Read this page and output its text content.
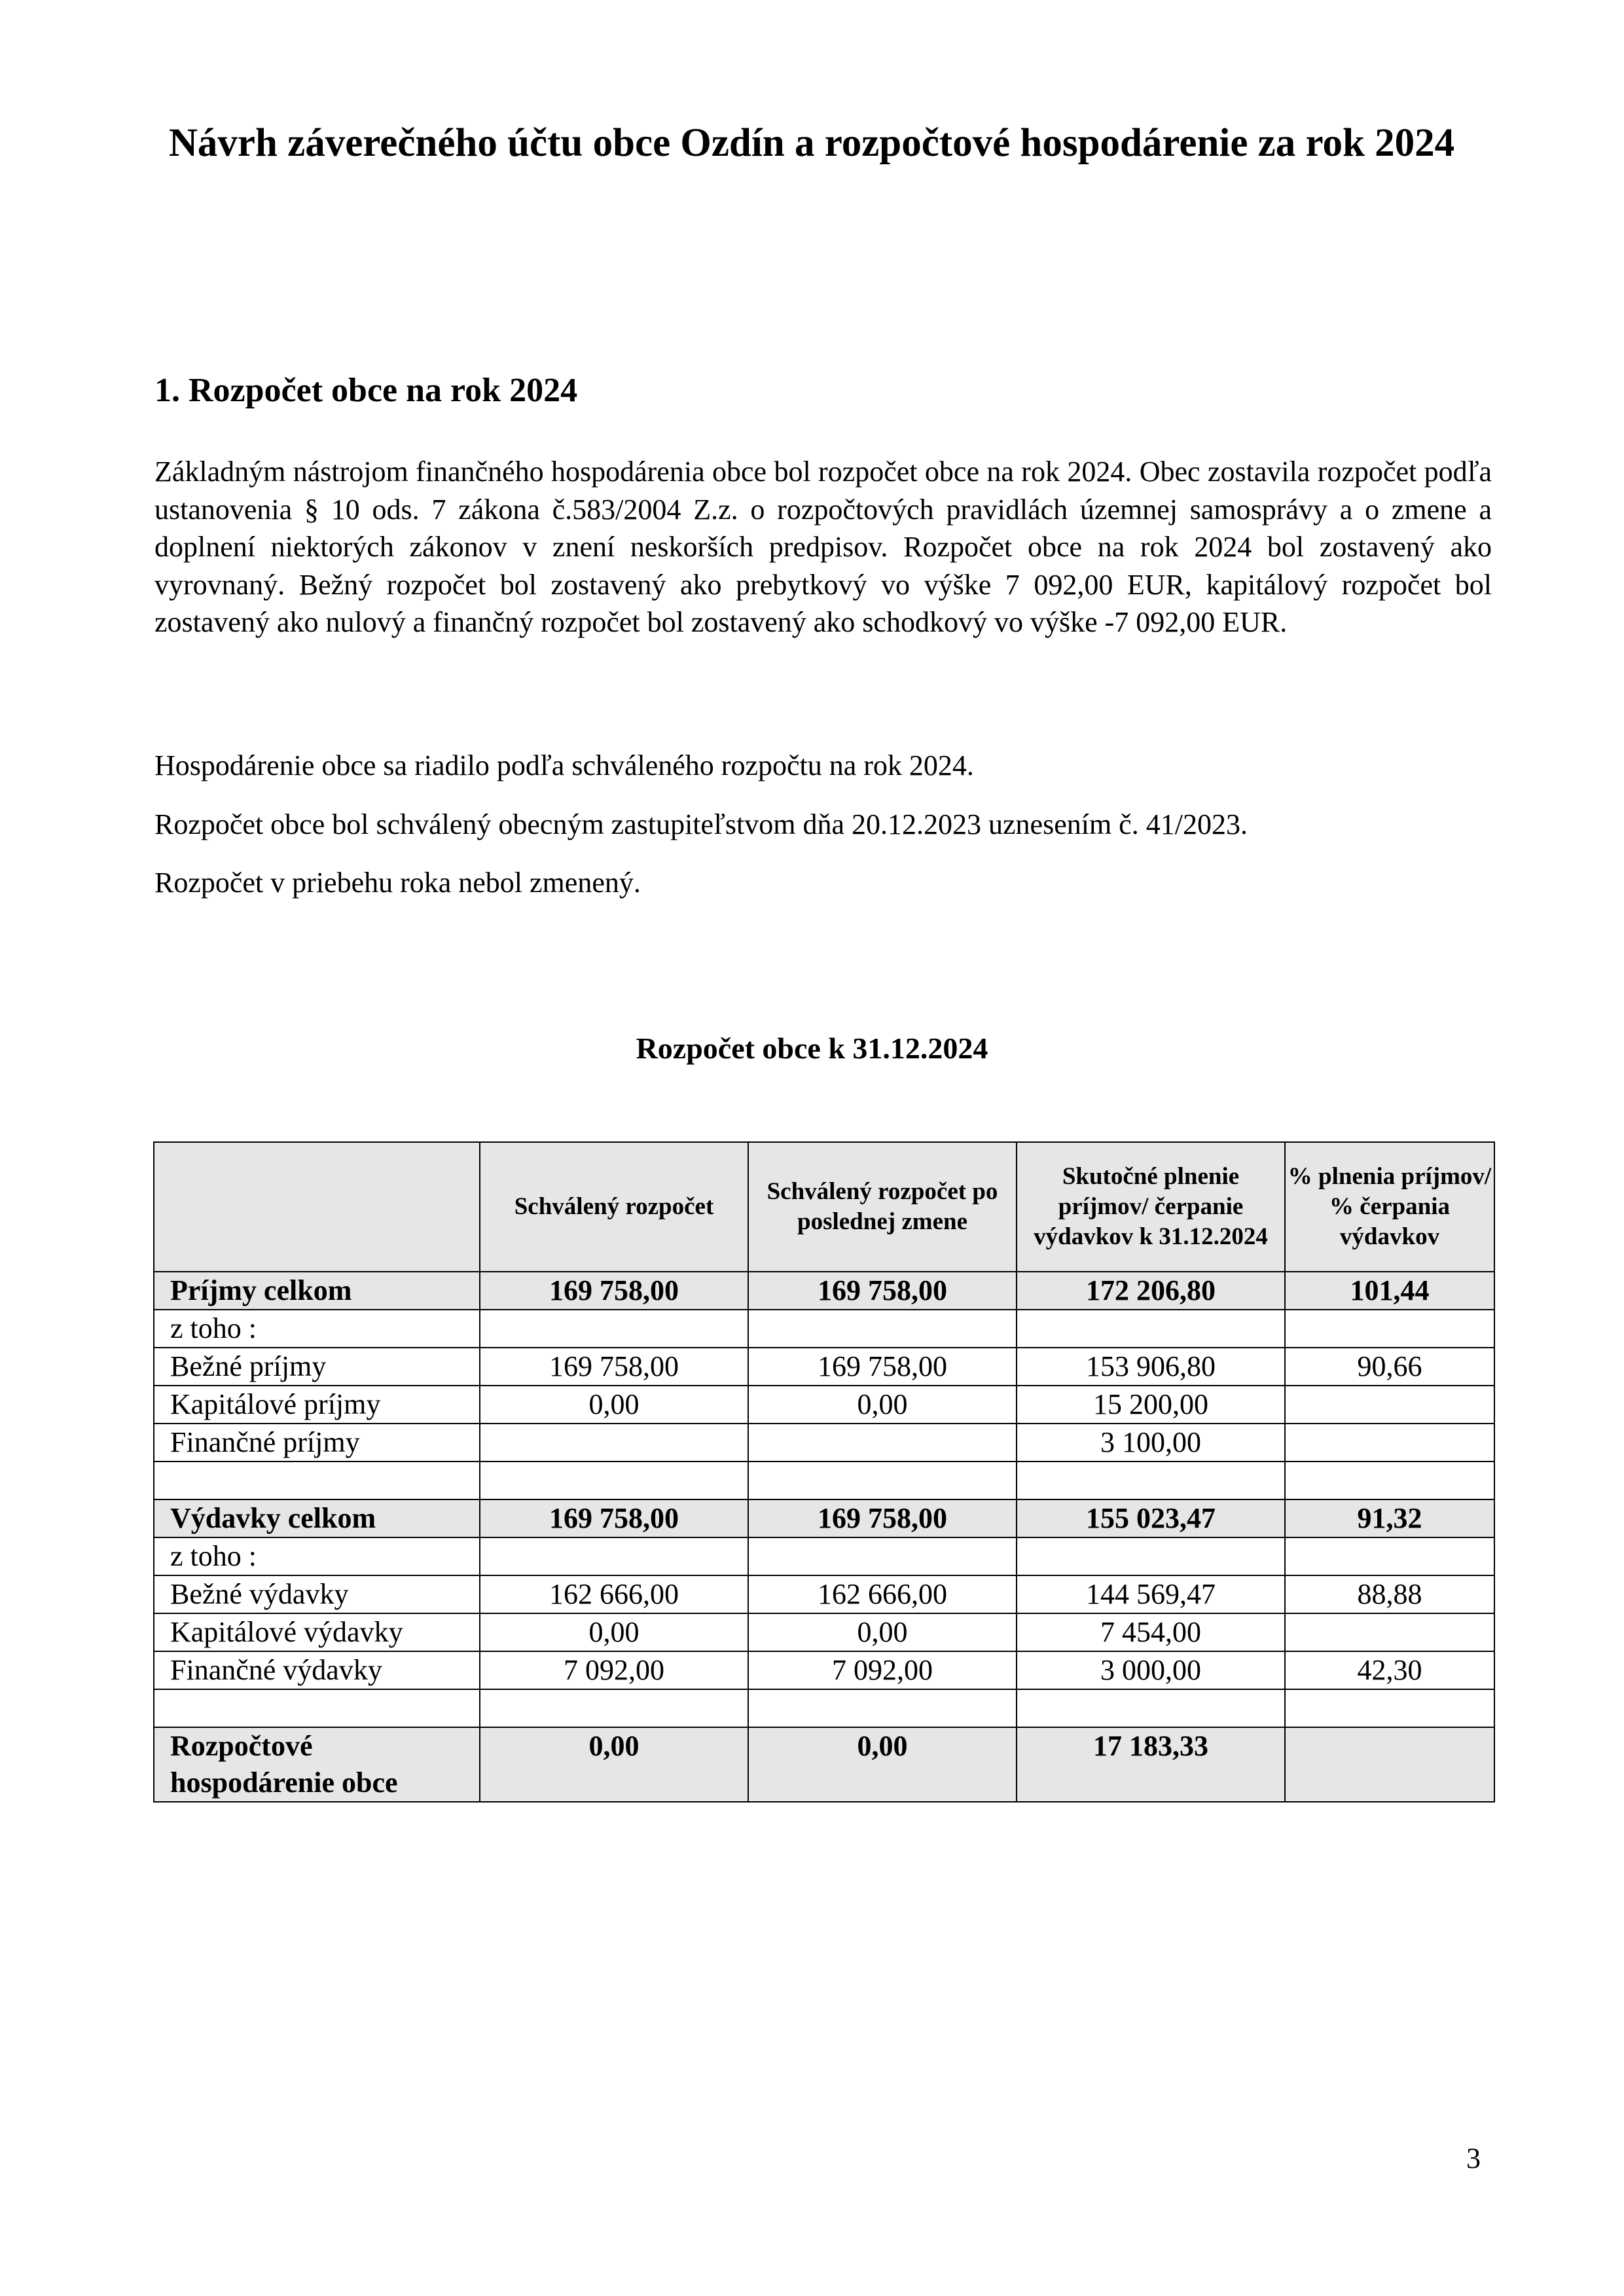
Návrh záverečného účtu obce Ozdín a rozpočtové hospodárenie za rok 2024
1. Rozpočet obce na rok 2024

Základným nástrojom finančného hospodárenia obce bol rozpočet obce na rok 2024. Obec zostavila rozpočet podľa ustanovenia § 10 ods. 7 zákona č.583/2004 Z.z. o rozpočtových pravidlách územnej samosprávy a o zmene a doplnení niektorých zákonov v znení neskorších predpisov. Rozpočet obce na rok 2024 bol zostavený ako vyrovnaný. Bežný rozpočet bol zostavený ako prebytkový vo výške 7 092,00 EUR, kapitálový rozpočet bol zostavený ako nulový a finančný rozpočet bol zostavený ako schodkový vo výške -7 092,00 EUR.

Hospodárenie obce sa riadilo podľa schváleného rozpočtu na rok 2024.

Rozpočet obce bol schválený obecným zastupiteľstvom dňa 20.12.2023 uznesením č. 41/2023.

Rozpočet v priebehu roka nebol zmenený.

Rozpočet obce k 31.12.2024

	Schválený rozpočet	Schválený rozpočet po poslednej zmene	Skutočné plnenie príjmov/ čerpanie výdavkov k 31.12.2024	% plnenia príjmov/ % čerpania výdavkov
Príjmy celkom	169 758,00	169 758,00	172 206,80	101,44
z toho :				
Bežné príjmy	169 758,00	169 758,00	153 906,80	90,66
Kapitálové príjmy	0,00	0,00	15 200,00	
Finančné príjmy			3 100,00	

Výdavky celkom	169 758,00	169 758,00	155 023,47	91,32
z toho :				
Bežné výdavky	162 666,00	162 666,00	144 569,47	88,88
Kapitálové výdavky	0,00	0,00	7 454,00	
Finančné výdavky	7 092,00	7 092,00	3 000,00	42,30

Rozpočtové hospodárenie obce	0,00	0,00	17 183,33	

3
